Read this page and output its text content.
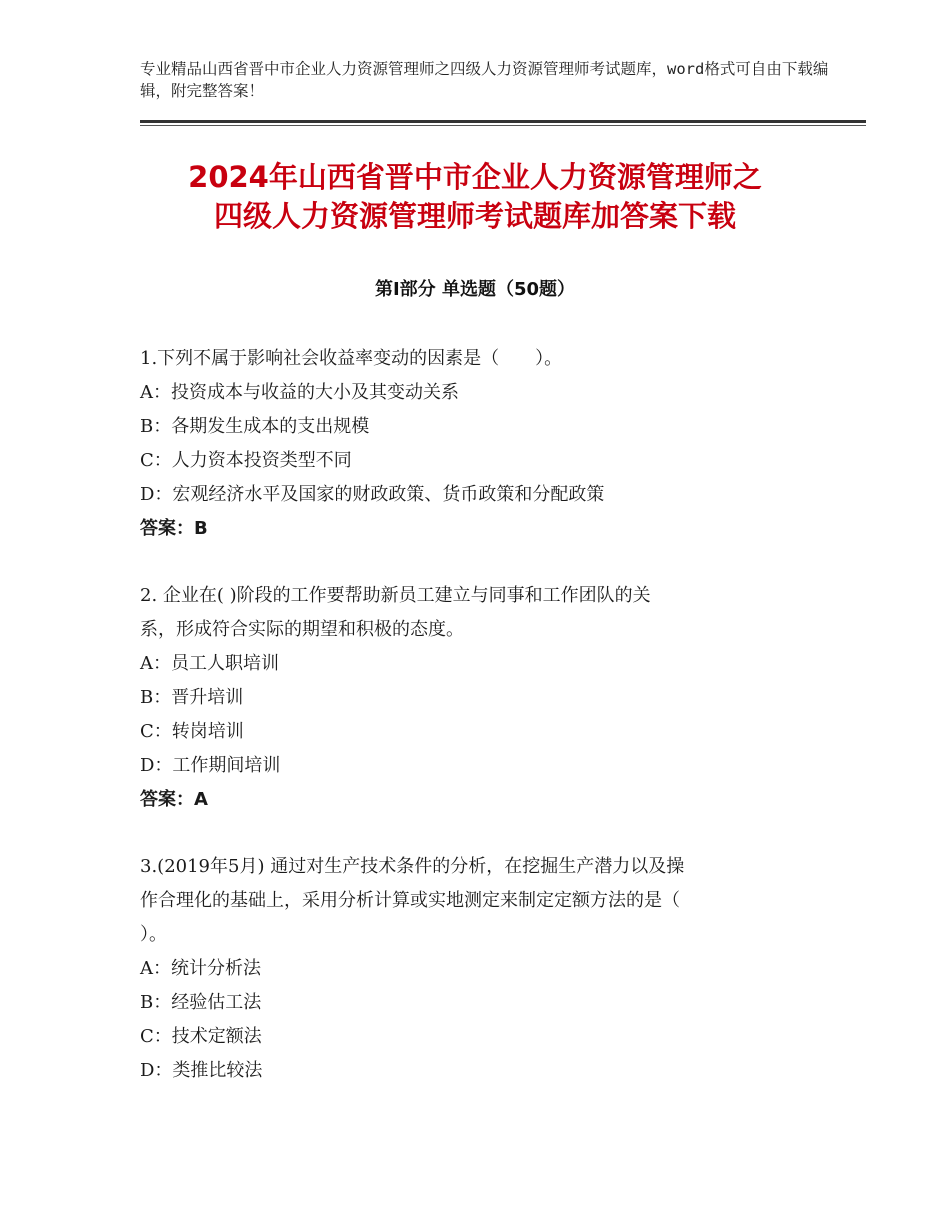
专业精品山西省晋中市企业人力资源管理师之四级人力资源管理师考试题库，word格式可自由下载编辑，附完整答案！
2024年山西省晋中市企业人力资源管理师之
四级人力资源管理师考试题库加答案下载
第Ⅰ部分 单选题（50题）

1.下列不属于影响社会收益率变动的因素是（　　）。

A：投资成本与收益的大小及其变动关系

B：各期发生成本的支出规模

C：人力资本投资类型不同

D：宏观经济水平及国家的财政政策、货币政策和分配政策

答案：B

2. 企业在( )阶段的工作要帮助新员工建立与同事和工作团队的关

系，形成符合实际的期望和积极的态度。

A：员工人职培训

B：晋升培训

C：转岗培训

D：工作期间培训

答案：A

3.(2019年5月) 通过对生产技术条件的分析，在挖掘生产潜力以及操

作合理化的基础上，采用分析计算或实地测定来制定定额方法的是（

）。

A：统计分析法

B：经验估工法

C：技术定额法

D：类推比较法
